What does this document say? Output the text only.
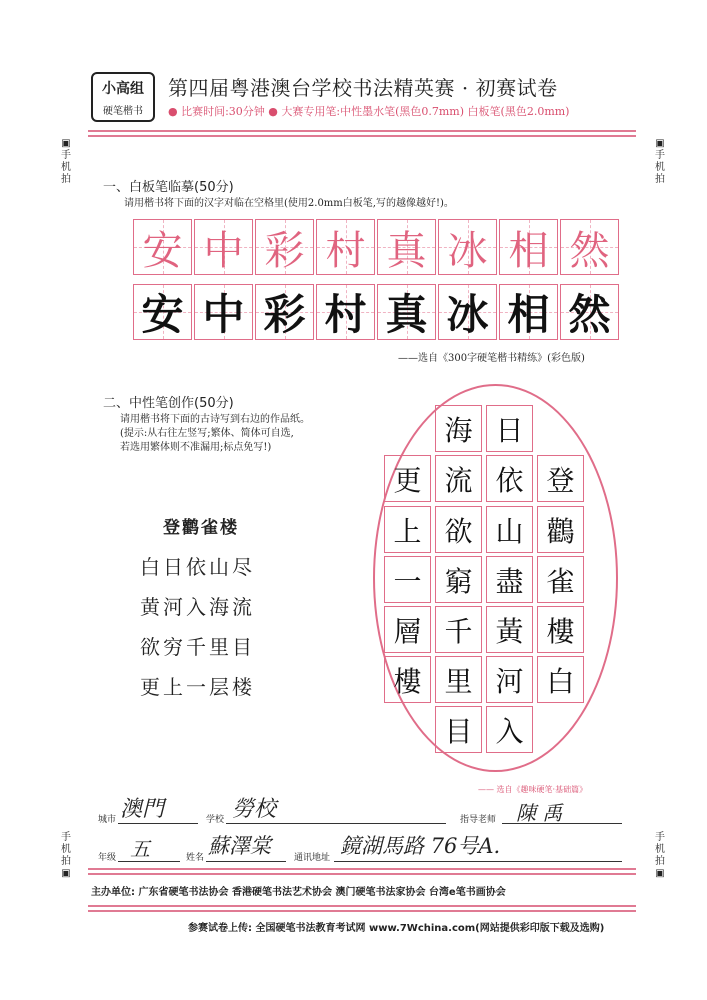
小高组
硬笔楷书
第四届粤港澳台学校书法精英赛 · 初赛试卷
● 比赛时间:30分钟 ● 大赛专用笔:中性墨水笔(黑色0.7mm) 白板笔(黑色2.0mm)
▣
手机拍
▣
手机拍
手机拍
▣
手机拍
▣
一、白板笔临摹(50分)
请用楷书将下面的汉字对临在空格里(使用2.0mm白板笔,写的越像越好!)。
安 中 彩 村 真 冰 相 然
安 中 彩 村 真 冰 相 然
——选自《300字硬笔楷书精练》(彩色版)
二、中性笔创作(50分)
请用楷书将下面的古诗写到右边的作品纸。
(提示:从右往左竖写;繁体、简体可自选,
若选用繁体则不准漏用;标点免写!)
登鹳雀楼
白日依山尽
黄河入海流
欲穷千里目
更上一层楼
登
鸛
雀
樓
白
日
依
山
盡
黃
河
入
海
流
欲
窮
千
里
目
更
上
一
層
樓
—— 选自《趣味硬笔·基础篇》
城市 澳門	学校 勞校	指导老师 陳 禹
年级 五	姓名 蘇澤棠	通讯地址 鏡湖馬路 76号A.
主办单位: 广东省硬笔书法协会 香港硬笔书法艺术协会 澳门硬笔书法家协会 台湾e笔书画协会
参赛试卷上传: 全国硬笔书法教育考试网 www.7Wchina.com(网站提供彩印版下载及选购)
